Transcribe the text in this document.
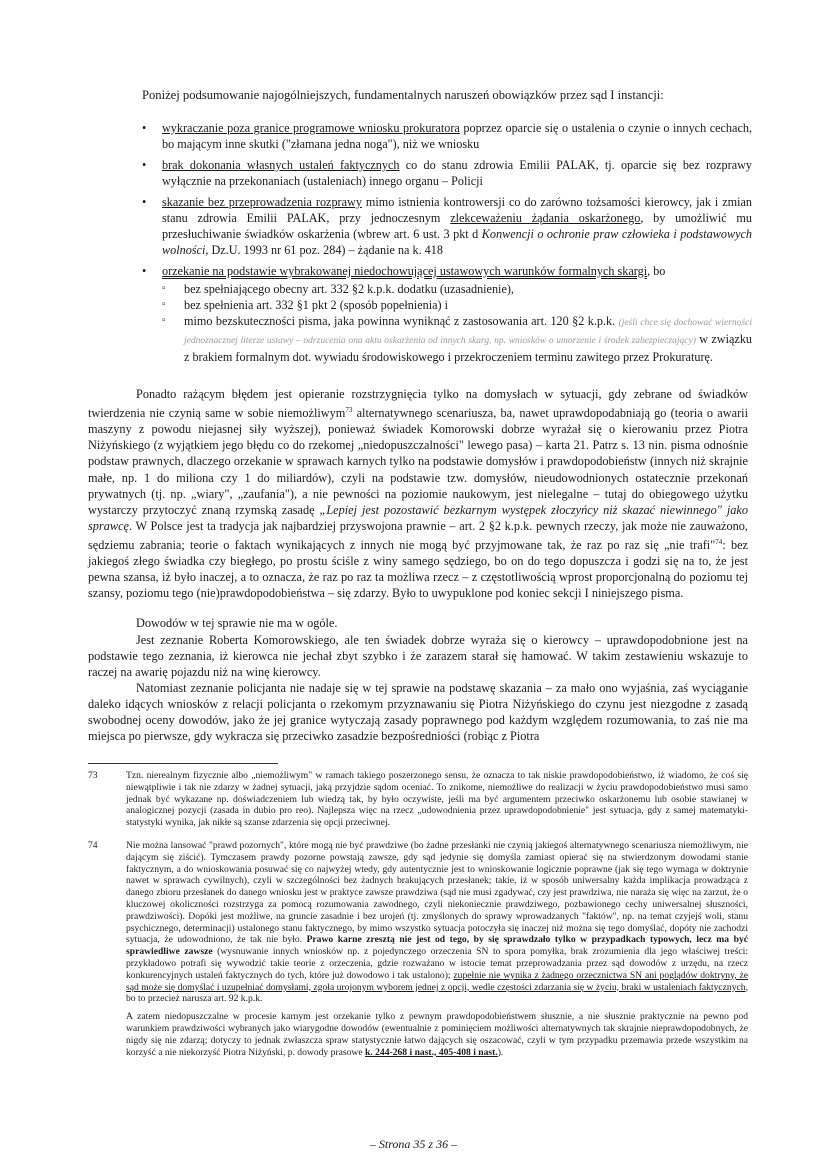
Poniżej podsumowanie najogólniejszych, fundamentalnych naruszeń obowiązków przez sąd I instancji:
• wykraczanie poza granice programowe wniosku prokuratora poprzez oparcie się o ustalenia o czynie o innych cechach, bo mającym inne skutki ("złamana jedna noga"), niż we wniosku
• brak dokonania własnych ustaleń faktycznych co do stanu zdrowia Emilii PALAK, tj. oparcie się bez rozprawy wyłącznie na przekonaniach (ustaleniach) innego organu – Policji
• skazanie bez przeprowadzenia rozprawy mimo istnienia kontrowersji co do zarówno tożsamości kierowcy, jak i zmian stanu zdrowia Emilii PALAK, przy jednoczesnym zlekceważeniu żądania oskarżonego, by umożliwić mu przesłuchiwanie świadków oskarżenia (wbrew art. 6 ust. 3 pkt d Konwencji o ochronie praw człowieka i podstawowych wolności, Dz.U. 1993 nr 61 poz. 284) – żądanie na k. 418
• orzekanie na podstawie wybrakowanej niedochowującej ustawowych warunków formalnych skargi, bo
▫ bez spełniającego obecny art. 332 §2 k.p.k. dodatku (uzasadnienie),
▫ bez spełnienia art. 332 §1 pkt 2 (sposób popełnienia) i
▫ mimo bezskuteczności pisma, jaka powinna wyniknąć z zastosowania art. 120 §2 k.p.k. (jeśli chce się dochować wierności jednoznacznej literze ustawy – odrzucenia ona aktu oskarżenia od innych skarg, np. wniosków o umorzenie i środek zabezpieczający) w związku z brakiem formalnym dot. wywiadu środowiskowego i przekroczeniem terminu zawitego przez Prokuraturę.

Ponadto rażącym błędem jest opieranie rozstrzygnięcia tylko na domysłach w sytuacji, gdy zebrane od świadków twierdzenia nie czynią same w sobie niemożliwym$^{73}$ alternatywnego scenariusza, ba, nawet uprawdopodabniają go (teoria o awarii maszyny z powodu niejasnej siły wyższej), ponieważ świadek Komorowski dobrze wyrażał się o kierowaniu przez Piotra Niżyńskiego (z wyjątkiem jego błędu co do rzekomej „niedopuszczalności" lewego pasa) – karta 21. Patrz s. 13 nin. pisma odnośnie podstaw prawnych, dlaczego orzekanie w sprawach karnych tylko na podstawie domysłów i prawdopodobieństw (innych niż skrajnie małe, np. 1 do miliona czy 1 do miliardów), czyli na podstawie tzw. domysłów, nieudowodnionych ostatecznie przekonań prywatnych (tj. np. „wiary", „zaufania"), a nie pewności na poziomie naukowym, jest nielegalne – tutaj do obiegowego użytku wystarczy przytoczyć znaną rzymską zasadę „Lepiej jest pozostawić bezkarnym występek złoczyńcy niż skazać niewinnego" jako sprawcę. W Polsce jest ta tradycja jak najbardziej przyswojona prawnie – art. 2 §2 k.p.k. pewnych rzeczy, jak może nie zauważono, sędziemu zabrania; teorie o faktach wynikających z innych nie mogą być przyjmowane tak, że raz po raz się „nie trafi"$^{74}$: bez jakiegoś złego świadka czy biegłego, po prostu ściśle z winy samego sędziego, bo on do tego dopuszcza i godzi się na to, że jest pewna szansa, iż było inaczej, a to oznacza, że raz po raz ta możliwa rzecz – z częstotliwością wprost proporcjonalną do poziomu tej szansy, poziomu tego (nie)prawdopodobieństwa – się zdarzy. Było to uwypuklone pod koniec sekcji I niniejszego pisma.

Dowodów w tej sprawie nie ma w ogóle.

Jest zeznanie Roberta Komorowskiego, ale ten świadek dobrze wyraża się o kierowcy – uprawdopodobnione jest na podstawie tego zeznania, iż kierowca nie jechał zbyt szybko i że zarazem starał się hamować. W takim zestawieniu wskazuje to raczej na awarię pojazdu niż na winę kierowcy.

Natomiast zeznanie policjanta nie nadaje się w tej sprawie na podstawę skazania – za mało ono wyjaśnia, zaś wyciąganie daleko idących wniosków z relacji policjanta o rzekomym przyznawaniu się Piotra Niżyńskiego do czynu jest niezgodne z zasadą swobodnej oceny dowodów, jako że jej granice wytyczają zasady poprawnego pod każdym względem rozumowania, to zaś nie ma miejsca po pierwsze, gdy wykracza się przeciwko zasadzie bezpośredniości (robiąc z Piotra

73	Tzn. nierealnym fizycznie albo „niemożliwym" w ramach takiego poszerzonego sensu, że oznacza to tak niskie prawdopodobieństwo, iż wiadomo, że coś się niewątpliwie i tak nie zdarzy w żadnej sytuacji, jaką przyjdzie sądom oceniać. To znikome, niemożliwe do realizacji w życiu prawdopodobieństwo musi samo jednak być wykazane np. doświadczeniem lub wiedzą tak, by było oczywiste, jeśli ma być argumentem przeciwko oskarżonemu lub osobie stawianej w analogicznej pozycji (zasada in dubio pro reo). Najlepsza więc na rzecz „udowodnienia przez uprawdopodobnienie" jest sytuacja, gdy z samej matematyki-statystyki wynika, jak nikłe są szanse zdarzenia się opcji przeciwnej.
74	Nie można lansować "prawd pozornych", które mogą nie być prawdziwe (bo żadne przesłanki nie czynią jakiegoś alternatywnego scenariusza niemożliwym, nie dającym się ziścić). Tymczasem prawdy pozorne powstają zawsze, gdy sąd jedynie się domyśla zamiast opierać się na stwierdzonym dowodami stanie faktycznym, a do wnioskowania posuwać się co najwyżej wtedy, gdy autentycznie jest to wnioskowanie logicznie poprawne (jak się tego wymaga w doktrynie nawet w sprawach cywilnych), czyli w szczególności bez żadnych brakujących przesłanek; takie, iż w sposób uniwersalny każda implikacja prowadząca z danego zbioru przesłanek do danego wniosku jest w praktyce zawsze prawdziwa (sąd nie musi zgadywać, czy jest prawdziwa, nie naraża się więc na zarzut, że o kluczowej okoliczności rozstrzyga za pomocą rozumowania zawodnego, czyli niekoniecznie prawdziwego, pozbawionego cechy uniwersalnej słuszności, prawdziwości). Dopóki jest możliwe, na gruncie zasadnie i bez urojeń (tj. zmyślonych do sprawy wprowadzanych "faktów", np. na temat czyjejś woli, stanu psychicznego, determinacji) ustalonego stanu faktycznego, by mimo wszystko sytuacja potoczyła się inaczej niż można się tego domyślać, dopóty nie zachodzi sytuacja, że udowodniono, że tak nie było. Prawo karne zresztą nie jest od tego, by się sprawdzało tylko w przypadkach typowych, lecz ma być sprawiedliwe zawsze (wysnuwanie innych wniosków np. z pojedynczego orzeczenia SN to spora pomyłka, brak zrozumienia dla jego właściwej treści: przykładowo potrafi się wywodzić takie teorie z orzeczenia, gdzie rozważano w istocie temat przeprowadzania przez sąd dowodów z urzędu, na rzecz konkurencyjnych ustaleń faktycznych do tych, które już dowodowo i tak ustalono); zupełnie nie wynika z żadnego orzecznictwa SN ani poglądów doktryny, że sąd może się domyślać i uzupełniać domysłami, zgoła urojonym wyborem jednej z opcji, wedle częstości zdarzania się w życiu, braki w ustaleniach faktycznych, bo to przecież narusza art. 92 k.p.k.

A zatem niedopuszczalne w procesie karnym jest orzekanie tylko z pewnym prawdopodobieństwem słusznie, a nie słusznie praktycznie na pewno pod warunkiem prawdziwości wybranych jako wiarygodne dowodów (ewentualnie z pominięciem możliwości alternatywnych tak skrajnie nieprawdopodobnych, że nigdy się nie zdarzą; dotyczy to jednak zwłaszcza spraw statystycznie łatwo dających się oszacować, czyli w tym przypadku przemawia przede wszystkim na korzyść a nie niekorzyść Piotra Niżyński, p. dowody prasowe k. 244-268 i nast., 405-408 i nast.).

– Strona 35 z 36 –
